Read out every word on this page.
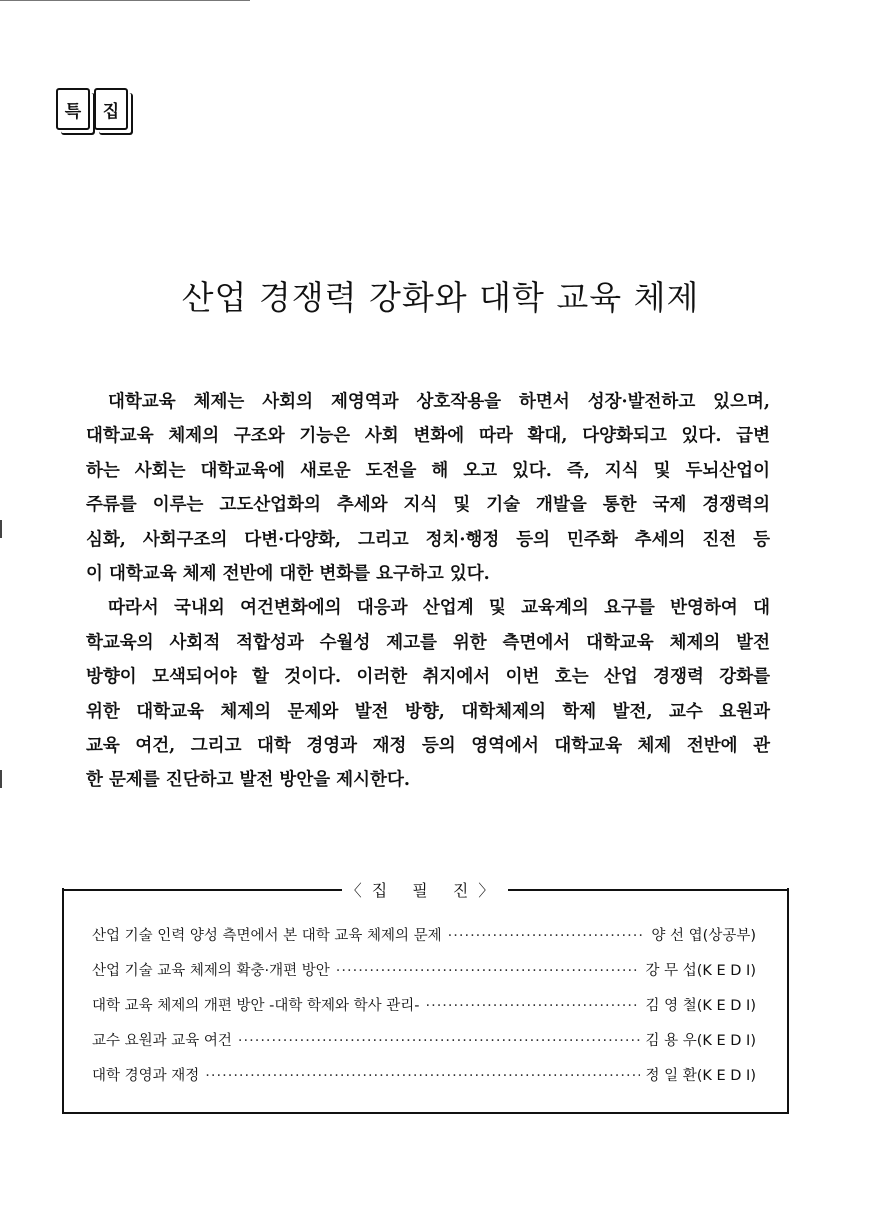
특	집
산업 경쟁력 강화와 대학 교육 체제

대학교육 체제는 사회의 제영역과 상호작용을 하면서 성장·발전하고 있으며,
대학교육 체제의 구조와 기능은 사회 변화에 따라 확대, 다양화되고 있다. 급변
하는 사회는 대학교육에 새로운 도전을 해 오고 있다. 즉, 지식 및 두뇌산업이
주류를 이루는 고도산업화의 추세와 지식 및 기술 개발을 통한 국제 경쟁력의
심화, 사회구조의 다변·다양화, 그리고 정치·행정 등의 민주화 추세의 진전 등
이 대학교육 체제 전반에 대한 변화를 요구하고 있다.

따라서 국내외 여건변화에의 대응과 산업계 및 교육계의 요구를 반영하여 대
학교육의 사회적 적합성과 수월성 제고를 위한 측면에서 대학교육 체제의 발전
방향이 모색되어야 할 것이다. 이러한 취지에서 이번 호는 산업 경쟁력 강화를
위한 대학교육 체제의 문제와 발전 방향, 대학체제의 학제 발전, 교수 요원과
교육 여건, 그리고 대학 경영과 재정 등의 영역에서 대학교육 체제 전반에 관
한 문제를 진단하고 발전 방안을 제시한다.

〈집 필 진〉
산업 기술 인력 양성 측면에서 본 대학 교육 체제의 문제 ·····	양 선 엽(상공부)
산업 기술 교육 체제의 확충·개편 방안 ·····	강 무 섭(K E D I)
대학 교육 체제의 개편 방안 -대학 학제와 학사 관리- ·····	김 영 철(K E D I)
교수 요원과 교육 여건 ·····	김 용 우(K E D I)
대학 경영과 재정 ·····	정 일 환(K E D I)
